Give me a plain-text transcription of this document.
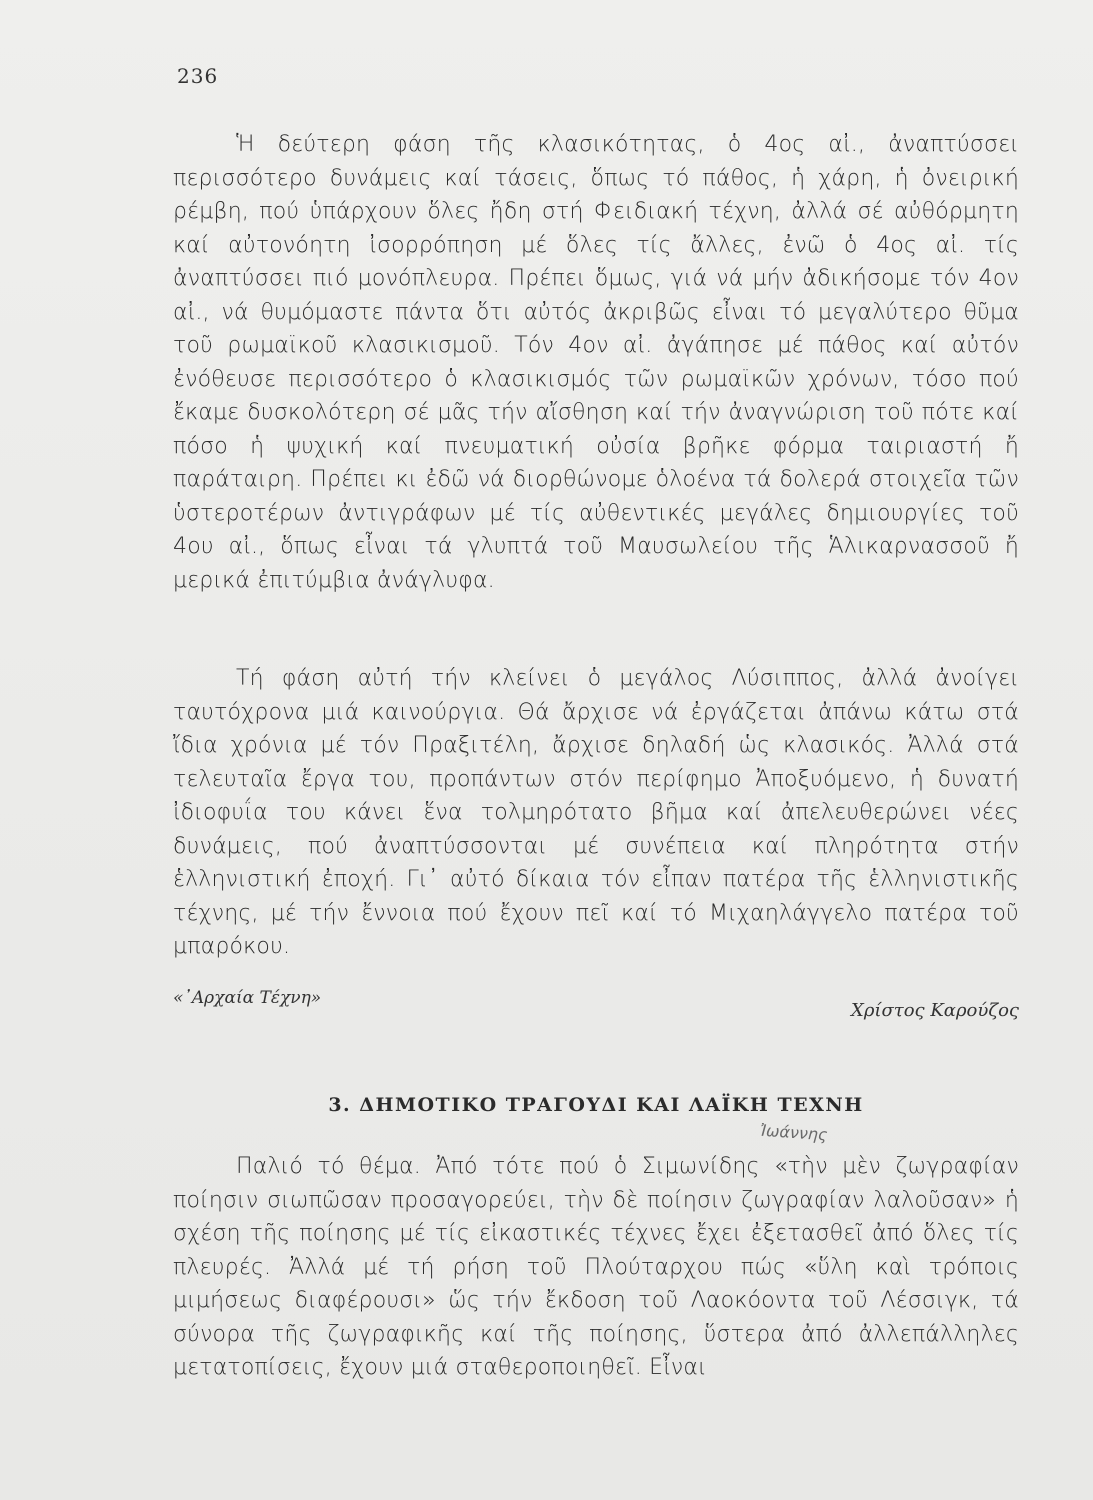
236

Ἡ δεύτερη φάση τῆς κλασικότητας, ὁ 4ος αἰ., ἀναπτύσσει περισσότερο δυνάμεις καί τάσεις, ὅπως τό πάθος, ἡ χάρη, ἡ ὀνειρική ρέμβη, πού ὑπάρχουν ὅλες ἤδη στή Φειδιακή τέχνη, ἀλλά σέ αὐθόρμητη καί αὐτονόητη ἰσορρόπηση μέ ὅλες τίς ἄλλες, ἐνῶ ὁ 4ος αἰ. τίς ἀναπτύσσει πιό μονόπλευρα. Πρέπει ὅμως, γιά νά μήν ἀδικήσομε τόν 4ον αἰ., νά θυμόμαστε πάντα ὅτι αὐτός ἀκριβῶς εἶναι τό μεγαλύτερο θῦμα τοῦ ρωμαϊκοῦ κλασικισμοῦ. Τόν 4ον αἰ. ἀγάπησε μέ πάθος καί αὐτόν ἐνόθευσε περισσότερο ὁ κλασικισμός τῶν ρωμαϊκῶν χρόνων, τόσο πού ἔκαμε δυσκολότερη σέ μᾶς τήν αἴσθηση καί τήν ἀναγνώριση τοῦ πότε καί πόσο ἡ ψυχική καί πνευματική οὐσία βρῆκε φόρμα ταιριαστή ἤ παράταιρη. Πρέπει κι ἐδῶ νά διορθώνομε ὁλοένα τά δολερά στοιχεῖα τῶν ὑστεροτέρων ἀντιγράφων μέ τίς αὐθεντικές μεγάλες δημιουργίες τοῦ 4ου αἰ., ὅπως εἶναι τά γλυπτά τοῦ Μαυσωλείου τῆς Ἁλικαρνασσοῦ ἤ μερικά ἐπιτύμβια ἀνάγλυφα.

Τή φάση αὐτή τήν κλείνει ὁ μεγάλος Λύσιππος, ἀλλά ἀνοίγει ταυτόχρονα μιά καινούργια. Θά ἄρχισε νά ἐργάζεται ἀπάνω κάτω στά ἴδια χρόνια μέ τόν Πραξιτέλη, ἄρχισε δηλαδή ὡς κλασικός. Ἀλλά στά τελευταῖα ἔργα του, προπάντων στόν περίφημο Ἀποξυόμενο, ἡ δυνατή ἰδιοφυΐα του κάνει ἕνα τολμηρότατο βῆμα καί ἀπελευθερώνει νέες δυνάμεις, πού ἀναπτύσσονται μέ συνέπεια καί πληρότητα στήν ἑλληνιστική ἐποχή. Γι᾽ αὐτό δίκαια τόν εἶπαν πατέρα τῆς ἑλληνιστικῆς τέχνης, μέ τήν ἔννοια πού ἔχουν πεῖ καί τό Μιχαηλάγγελο πατέρα τοῦ μπαρόκου.

«᾽Αρχαία Τέχνη»
Χρίστος Καρούζος
3. ΔΗΜΟΤΙΚΟ ΤΡΑΓΟΥΔΙ ΚΑΙ ΛΑΪΚΗ ΤΕΧΝΗ
Ἰωάννης

Παλιό τό θέμα. Ἀπό τότε πού ὁ Σιμωνίδης «τὴν μὲν ζωγραφίαν ποίησιν σιωπῶσαν προσαγορεύει, τὴν δὲ ποίησιν ζωγραφίαν λαλοῦσαν» ἡ σχέση τῆς ποίησης μέ τίς εἰκαστικές τέχνες ἔχει ἐξετασθεῖ ἀπό ὅλες τίς πλευρές. Ἀλλά μέ τή ρήση τοῦ Πλούταρχου πώς «ὕλη καὶ τρόποις μιμήσεως διαφέρουσι» ὥς τήν ἔκδοση τοῦ Λαοκόοντα τοῦ Λέσσιγκ, τά σύνορα τῆς ζωγραφικῆς καί τῆς ποίησης, ὕστερα ἀπό ἀλλεπάλληλες μετατοπίσεις, ἔχουν μιά σταθεροποιηθεῖ. Εἶναι
